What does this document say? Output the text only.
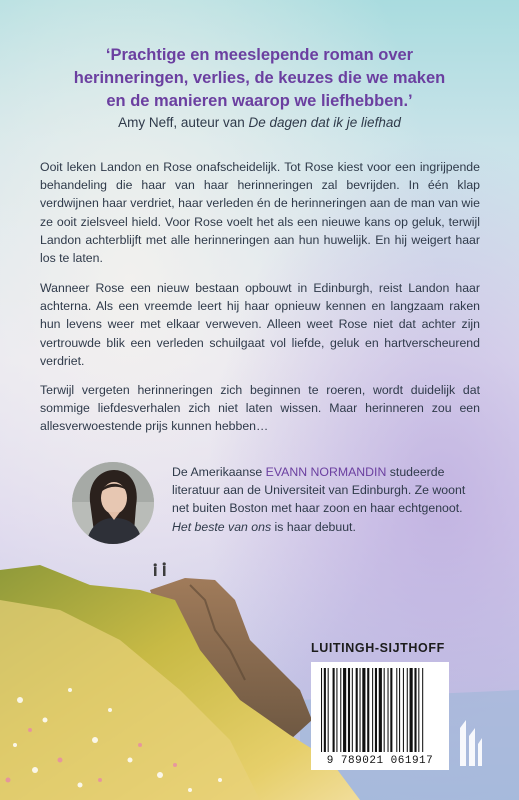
‘Prachtige en meeslepende roman over
herinneringen, verlies, de keuzes die we maken
en de manieren waarop we liefhebben.’
Amy Neff, auteur van De dagen dat ik je liefhad
Ooit leken Landon en Rose onafscheidelijk. Tot Rose kiest voor een ingrijpende behandeling die haar van haar herinneringen zal bevrijden. In één klap verdwijnen haar verdriet, haar verleden én de herinneringen aan de man van wie ze ooit zielsveel hield. Voor Rose voelt het als een nieuwe kans op geluk, terwijl Landon achterblijft met alle herinneringen aan hun huwelijk. En hij weigert haar los te laten.
Wanneer Rose een nieuw bestaan opbouwt in Edinburgh, reist Landon haar achterna. Als een vreemde leert hij haar opnieuw kennen en langzaam raken hun levens weer met elkaar verweven. Alleen weet Rose niet dat achter zijn vertrouwde blik een verleden schuilgaat vol liefde, geluk en hartverscheurend verdriet.
Terwijl vergeten herinneringen zich beginnen te roeren, wordt duidelijk dat sommige liefdesverhalen zich niet laten wissen. Maar herinneren zou een allesverwoestende prijs kunnen hebben…
De Amerikaanse EVANN NORMANDIN studeerde literatuur aan de Universiteit van Edinburgh. Ze woont net buiten Boston met haar zoon en haar echtgenoot. Het beste van ons is haar debuut.
LUITINGH-SIJTHOFF
9 789021 061917
